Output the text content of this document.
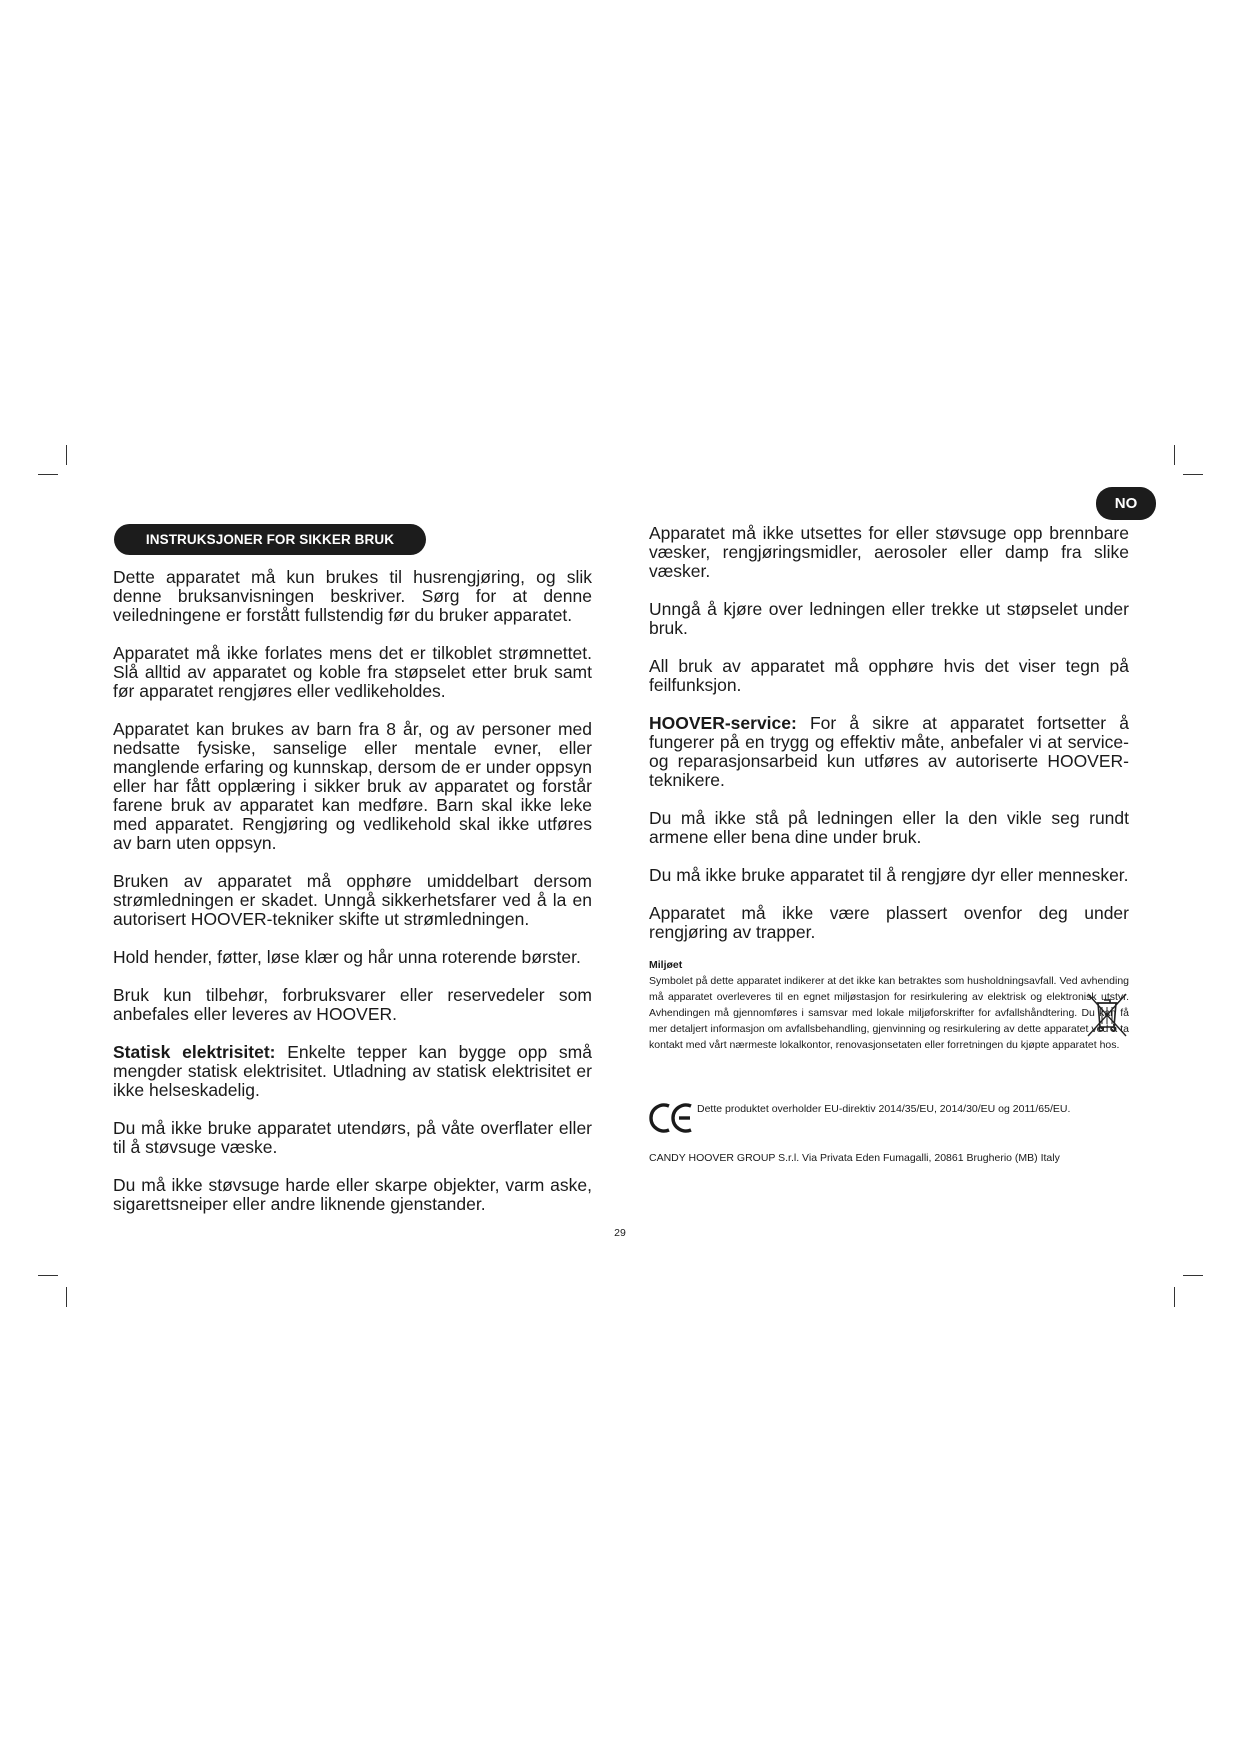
NO
INSTRUKSJONER FOR SIKKER BRUK

Dette apparatet må kun brukes til husrengjøring, og slik denne bruksanvisningen beskriver. Sørg for at denne veiledningene er forstått fullstendig før du bruker apparatet.

Apparatet må ikke forlates mens det er tilkoblet strømnettet. Slå alltid av apparatet og koble fra støpselet etter bruk samt før apparatet rengjøres eller vedlikeholdes.

Apparatet kan brukes av barn fra 8 år, og av personer med nedsatte fysiske, sanselige eller mentale evner, eller manglende erfaring og kunnskap, dersom de er under oppsyn eller har fått opplæring i sikker bruk av apparatet og forstår farene bruk av apparatet kan medføre. Barn skal ikke leke med apparatet. Rengjøring og vedlikehold skal ikke utføres av barn uten oppsyn.

Bruken av apparatet må opphøre umiddelbart dersom strømledningen er skadet. Unngå sikkerhetsfarer ved å la en autorisert HOOVER-tekniker skifte ut strømledningen.

Hold hender, føtter, løse klær og hår unna roterende børster.

Bruk kun tilbehør, forbruksvarer eller reservedeler som anbefales eller leveres av HOOVER.

Statisk elektrisitet: Enkelte tepper kan bygge opp små mengder statisk elektrisitet. Utladning av statisk elektrisitet er ikke helseskadelig.

Du må ikke bruke apparatet utendørs, på våte overflater eller til å støvsuge væske.

Du må ikke støvsuge harde eller skarpe objekter, varm aske, sigarettsneiper eller andre liknende gjenstander.

Apparatet må ikke utsettes for eller støvsuge opp brennbare væsker, rengjøringsmidler, aerosoler eller damp fra slike væsker.

Unngå å kjøre over ledningen eller trekke ut støpselet under bruk.

All bruk av apparatet må opphøre hvis det viser tegn på feilfunksjon.

HOOVER-service: For å sikre at apparatet fortsetter å fungerer på en trygg og effektiv måte, anbefaler vi at service- og reparasjonsarbeid kun utføres av autoriserte HOOVER-teknikere.

Du må ikke stå på ledningen eller la den vikle seg rundt armene eller bena dine under bruk.

Du må ikke bruke apparatet til å rengjøre dyr eller mennesker.

Apparatet må ikke være plassert ovenfor deg under rengjøring av trapper.

Miljøet
Symbolet på dette apparatet indikerer at det ikke kan betraktes som husholdningsavfall. Ved avhending må apparatet overleveres til en egnet miljøstasjon for resirkulering av elektrisk og elektronisk utstyr. Avhendingen må gjennomføres i samsvar med lokale miljøforskrifter for avfallshåndtering. Du kan få mer detaljert informasjon om avfallsbehandling, gjenvinning og resirkulering av dette apparatet ved å ta kontakt med vårt nærmeste lokalkontor, renovasjonsetaten eller forretningen du kjøpte apparatet hos.
Dette produktet overholder EU-direktiv 2014/35/EU, 2014/30/EU og 2011/65/EU.
CANDY HOOVER GROUP S.r.l. Via Privata Eden Fumagalli, 20861 Brugherio (MB) Italy
29
